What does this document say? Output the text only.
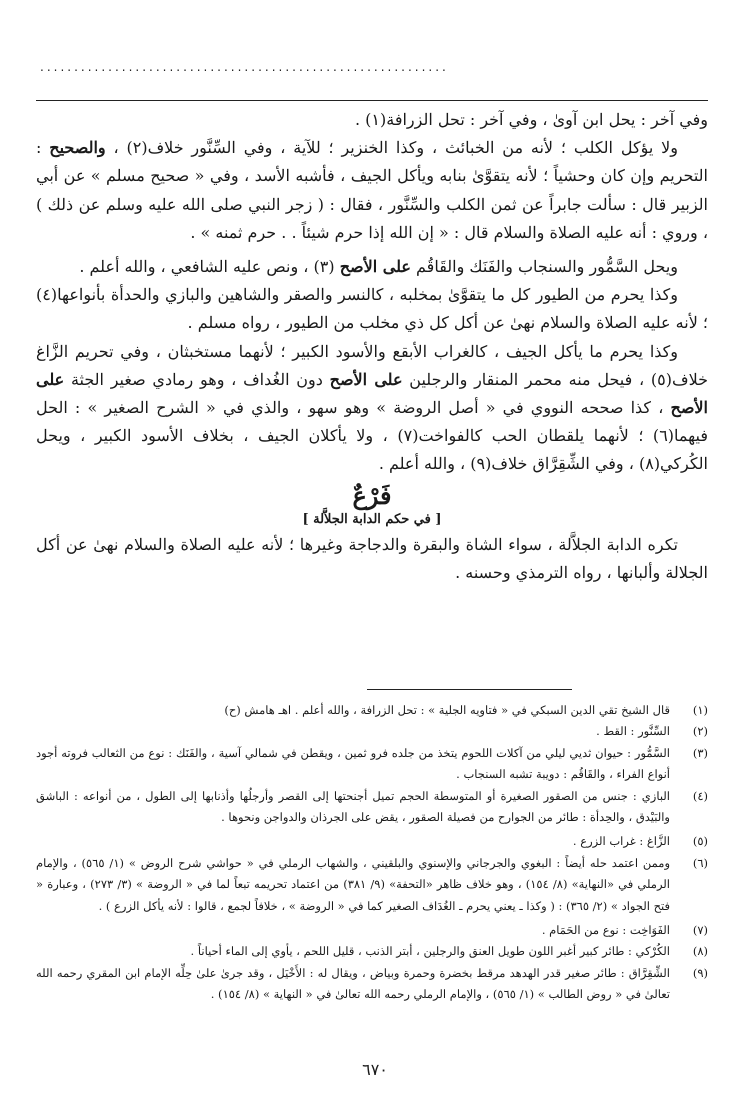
............................................................

وفي آخر : يحل ابن آوىٰ ، وفي آخر : تحل الزرافة(١) .

ولا يؤكل الكلب ؛ لأنه من الخبائث ، وكذا الخنزير ؛ للآية ، وفي السِّنَّور خلاف(٢) ، والصحيح : التحريم وإن كان وحشياً ؛ لأنه يتقوَّىٰ بنابه ويأكل الجيف ، فأشبه الأسد ، وفي « صحيح مسلم » عن أبي الزبير قال : سألت جابراً عن ثمن الكلب والسِّنَّور ، فقال : ( زجر النبي صلى الله عليه وسلم عن ذلك ) ، وروي : أنه عليه الصلاة والسلام قال : « إن الله إذا حرم شيئاً . . حرم ثمنه » .

ويحل السَّمُّور والسنجاب والفَنَك والقَاقُم على الأصح (٣) ، ونص عليه الشافعي ، والله أعلم .

وكذا يحرم من الطيور كل ما يتقوَّىٰ بمخلبه ، كالنسر والصقر والشاهين والبازي والحدأة بأنواعها(٤) ؛ لأنه عليه الصلاة والسلام نهىٰ عن أكل كل ذي مخلب من الطيور ، رواه مسلم .

وكذا يحرم ما يأكل الجيف ، كالغراب الأبقع والأسود الكبير ؛ لأنهما مستخبثان ، وفي تحريم الزَّاغ خلاف(٥) ، فيحل منه محمر المنقار والرجلين على الأصح دون الغُداف ، وهو رمادي صغير الجثة على الأصح ، كذا صححه النووي في « أصل الروضة » وهو سهو ، والذي في « الشرح الصغير » : الحل فيهما(٦) ؛ لأنهما يلقطان الحب كالفواخت(٧) ، ولا يأكلان الجيف ، بخلاف الأسود الكبير ، ويحل الكُركي(٨) ، وفي الشِّقِرَّاق خلاف(٩) ، والله أعلم .

فَرْعٌ
[ في حكم الدابة الجلاَّلة ]

تكره الدابة الجلاَّلة ، سواء الشاة والبقرة والدجاجة وغيرها ؛ لأنه عليه الصلاة والسلام نهىٰ عن أكل الجلالة وألبانها ، رواه الترمذي وحسنه .

(١)
قال الشيخ تقي الدين السبكي في « فتاويه الجلية » : تحل الزرافة ، والله أعلم . اهـ هامش (ح)
(٢)
السِّنَّور : القط .
(٣)
السَّمُّور : حيوان ثديي ليلي من آكلات اللحوم يتخذ من جلده فرو ثمين ، ويقطن في شمالي آسية ، والفَنَك : نوع من الثعالب فروته أجود أنواع الفراء ، والقَاقُم : دويبة تشبه السنجاب .
(٤)
البازي : جنس من الصقور الصغيرة أو المتوسطة الحجم تميل أجنحتها إلى القصر وأرجلُها وأذنابها إلى الطول ، من أنواعه : الباشق والبَيْدق ، والحِدأة : طائر من الجوارح من فصيلة الصقور ، يقض على الجرذان والدواجن ونحوها .
(٥)
الزَّاغ : غراب الزرع .
(٦)
وممن اعتمد حله أيضاً : البغوي والجرجاني والإسنوي والبلقيني ، والشهاب الرملي في « حواشي شرح الروض » (١/ ٥٦٥) ، والإمام الرملي في «النهاية» (٨/ ١٥٤) ، وهو خلاف ظاهر «التحفة» (٩/ ٣٨١) من اعتماد تحريمه تبعاً لما في « الروضة » (٣/ ٢٧٣) ، وعبارة « فتح الجواد » (٢/ ٣٦٥) : ( وكذا ـ يعني يحرم ـ الغُدَاف الصغير كما في « الروضة » ، خلافاً لجمع ، قالوا : لأنه يأكل الزرع ) .
(٧)
الفَوَاخِت : نوع من الحَمَام .
(٨)
الكُرْكي : طائر كبير أغبر اللون طويل العنق والرجلين ، أبتر الذنب ، قليل اللحم ، يأوي إلى الماء أحياناً .
(٩)
الشِّقِرَّاق : طائر صغير قدر الهدهد مرقط بخضرة وحمرة وبياض ، ويقال له : الأَخْيَل ، وقد جرىٰ علىٰ حِلِّه الإمام ابن المقري رحمه الله تعالىٰ في « روض الطالب » (١/ ٥٦٥) ، والإمام الرملي رحمه الله تعالىٰ في « النهاية » (٨/ ١٥٤) .
٦٧٠
